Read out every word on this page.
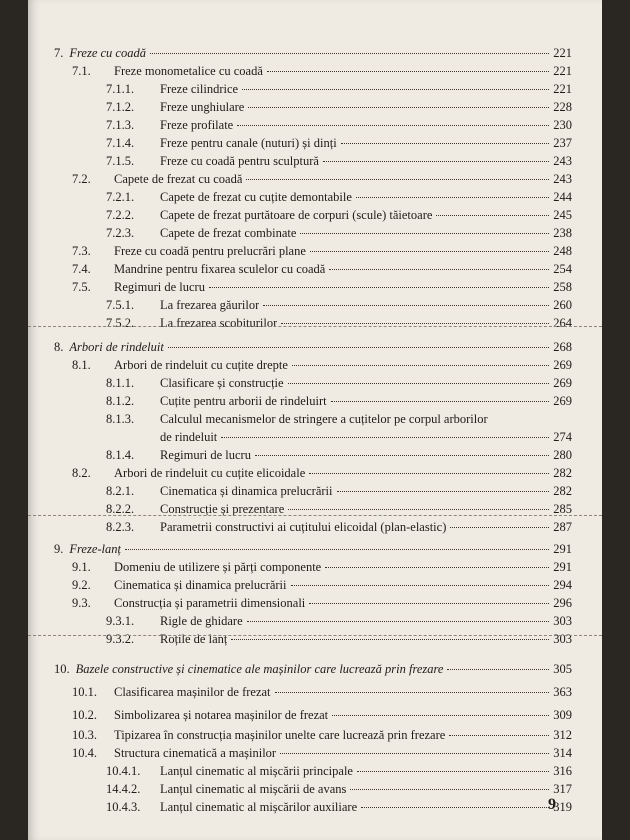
7. Freze cu coadă	221
7.1.	Freze monometalice cu coadă	221
7.1.1.	Freze cilindrice	221
7.1.2.	Freze unghiulare	228
7.1.3.	Freze profilate	230
7.1.4.	Freze pentru canale (nuturi) și dinți	237
7.1.5.	Freze cu coadă pentru sculptură	243
7.2.	Capete de frezat cu coadă	243
7.2.1.	Capete de frezat cu cuțite demontabile	244
7.2.2.	Capete de frezat purtătoare de corpuri (scule) tăietoare	245
7.2.3.	Capete de frezat combinate	238
7.3.	Freze cu coadă pentru prelucrări plane	248
7.4.	Mandrine pentru fixarea sculelor cu coadă	254
7.5.	Regimuri de lucru	258
7.5.1.	La frezarea găurilor	260
7.5.2.	La frezarea scobiturilor	264
8. Arbori de rindeluit	268
8.1.	Arbori de rindeluit cu cuțite drepte	269
8.1.1.	Clasificare și construcție	269
8.1.2.	Cuțite pentru arborii de rindeluirt	269
8.1.3. Calculul mecanismelor de stringere a cuțitelor pe corpul arborilor
de rindeluit	274
8.1.4.	Regimuri de lucru	280
8.2.	Arbori de rindeluit cu cuțite elicoidale	282
8.2.1.	Cinematica și dinamica prelucrării	282
8.2.2.	Construcție și prezentare	285
8.2.3.	Parametrii constructivi ai cuțitului elicoidal (plan-elastic)	287
9. Freze-lanț	291
9.1.	Domeniu de utilizere și părți componente	291
9.2.	Cinematica și dinamica prelucrării	294
9.3.	Construcția și parametrii dimensionali	296
9.3.1.	Rigle de ghidare	303
9.3.2.	Roțile de lanț	303
10. Bazele constructive și cinematice ale mașinilor care lucrează prin frezare	305
10.1.	Clasificarea mașinilor de frezat	363
10.2.	Simbolizarea și notarea mașinilor de frezat	309
10.3.	Tipizarea în construcția mașinilor unelte care lucrează prin frezare	312
10.4.	Structura cinematică a mașinilor	314
10.4.1.	Lanțul cinematic al mișcării principale	316
14.4.2.	Lanțul cinematic al mișcării de avans	317
10.4.3.	Lanțul cinematic al mișcărilor auxiliare	319
9
